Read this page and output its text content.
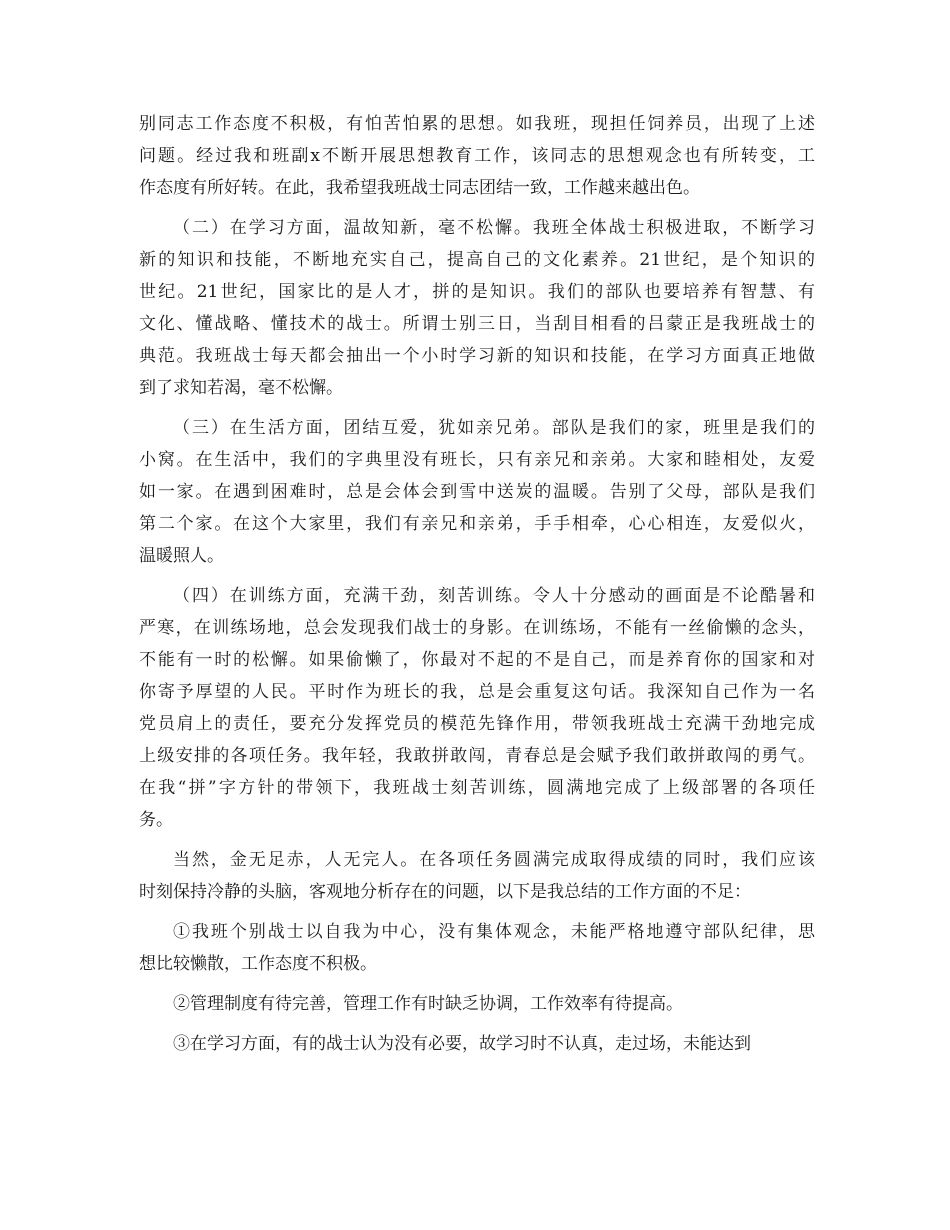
别同志工作态度不积极，有怕苦怕累的思想。如我班，现担任饲养员，出现了上述
问题。经过我和班副x不断开展思想教育工作，该同志的思想观念也有所转变，工
作态度有所好转。在此，我希望我班战士同志团结一致，工作越来越出色。
（二）在学习方面，温故知新，毫不松懈。我班全体战士积极进取，不断学习
新的知识和技能，不断地充实自己，提高自己的文化素养。21世纪，是个知识的
世纪。21世纪，国家比的是人才，拼的是知识。我们的部队也要培养有智慧、有
文化、懂战略、懂技术的战士。所谓士别三日，当刮目相看的吕蒙正是我班战士的
典范。我班战士每天都会抽出一个小时学习新的知识和技能，在学习方面真正地做
到了求知若渴，毫不松懈。
（三）在生活方面，团结互爱，犹如亲兄弟。部队是我们的家，班里是我们的
小窝。在生活中，我们的字典里没有班长，只有亲兄和亲弟。大家和睦相处，友爱
如一家。在遇到困难时，总是会体会到雪中送炭的温暖。告别了父母，部队是我们
第二个家。在这个大家里，我们有亲兄和亲弟，手手相牵，心心相连，友爱似火，
温暖照人。
（四）在训练方面，充满干劲，刻苦训练。令人十分感动的画面是不论酷暑和
严寒，在训练场地，总会发现我们战士的身影。在训练场，不能有一丝偷懒的念头，
不能有一时的松懈。如果偷懒了，你最对不起的不是自己，而是养育你的国家和对
你寄予厚望的人民。平时作为班长的我，总是会重复这句话。我深知自己作为一名
党员肩上的责任，要充分发挥党员的模范先锋作用，带领我班战士充满干劲地完成
上级安排的各项任务。我年轻，我敢拼敢闯，青春总是会赋予我们敢拼敢闯的勇气。
在我“拼”字方针的带领下，我班战士刻苦训练，圆满地完成了上级部署的各项任
务。
当然，金无足赤，人无完人。在各项任务圆满完成取得成绩的同时，我们应该
时刻保持冷静的头脑，客观地分析存在的问题，以下是我总结的工作方面的不足：
①我班个别战士以自我为中心，没有集体观念，未能严格地遵守部队纪律，思
想比较懒散，工作态度不积极。
②管理制度有待完善，管理工作有时缺乏协调，工作效率有待提高。
③在学习方面，有的战士认为没有必要，故学习时不认真，走过场，未能达到
